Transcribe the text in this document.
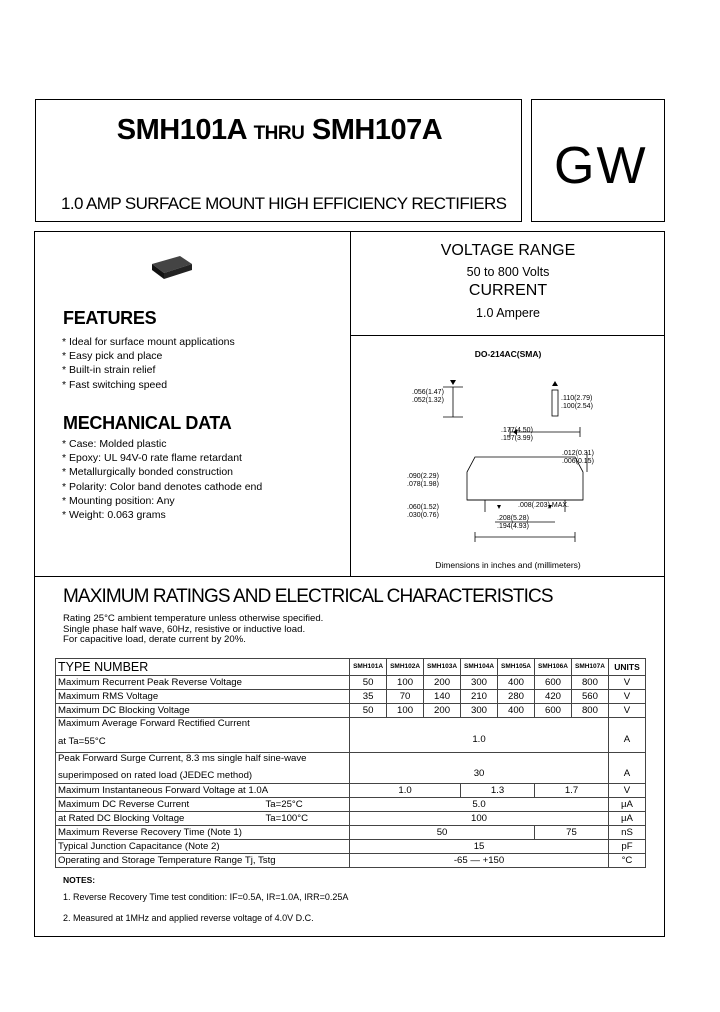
SMH101A THRU SMH107A
1.0 AMP SURFACE MOUNT HIGH EFFICIENCY RECTIFIERS
GW
FEATURES
* Ideal for surface mount applications
* Easy pick and place
* Built-in strain relief
* Fast switching speed
MECHANICAL DATA
* Case: Molded plastic
* Epoxy: UL 94V-0 rate flame retardant
* Metallurgically bonded construction
* Polarity: Color band denotes cathode end
* Mounting position: Any
* Weight: 0.063 grams
VOLTAGE RANGE
50 to 800 Volts
CURRENT
1.0 Ampere
DO-214AC(SMA)
.056(1.47)
.052(1.32)	.110(2.79)
.100(2.54)
.177(4.50)
.157(3.99)
.012(0.31)
.006(0.15)
.090(2.29)
.078(1.98)
.060(1.52)
.030(0.76)
.008(.203) MAX.
.208(5.28)
.194(4.93)
Dimensions in inches and (millimeters)
MAXIMUM RATINGS AND ELECTRICAL CHARACTERISTICS
Rating 25°C ambient temperature unless otherwise specified.
Single phase half wave, 60Hz, resistive or inductive load.
For capacitive load, derate current by 20%.
TYPE NUMBER	SMH101A	SMH102A	SMH103A	SMH104A	SMH105A	SMH106A	SMH107A	UNITS
Maximum Recurrent Peak Reverse Voltage	50	100	200	300	400	600	800	V
Maximum RMS Voltage	35	70	140	210	280	420	560	V
Maximum DC Blocking Voltage	50	100	200	300	400	600	800	V

Maximum Average Forward Rectified Current
at Ta=55°C	1.0							A

Peak Forward Surge Current, 8.3 ms single half sine-wave
superimposed on rated load (JEDEC method)	30							A
Maximum Instantaneous Forward Voltage at 1.0A	1.0			1.3		1.7		V
Maximum DC Reverse Current Ta=25°C	5.0							μA
at Rated DC Blocking Voltage Ta=100°C	100							μA
Maximum Reverse Recovery Time (Note 1)	50					75		nS
Typical Junction Capacitance (Note 2)	15							pF
Operating and Storage Temperature Range Tj, Tstg	-65 — +150							°C
NOTES:
1. Reverse Recovery Time test condition: IF=0.5A, IR=1.0A, IRR=0.25A
2. Measured at 1MHz and applied reverse voltage of 4.0V D.C.
